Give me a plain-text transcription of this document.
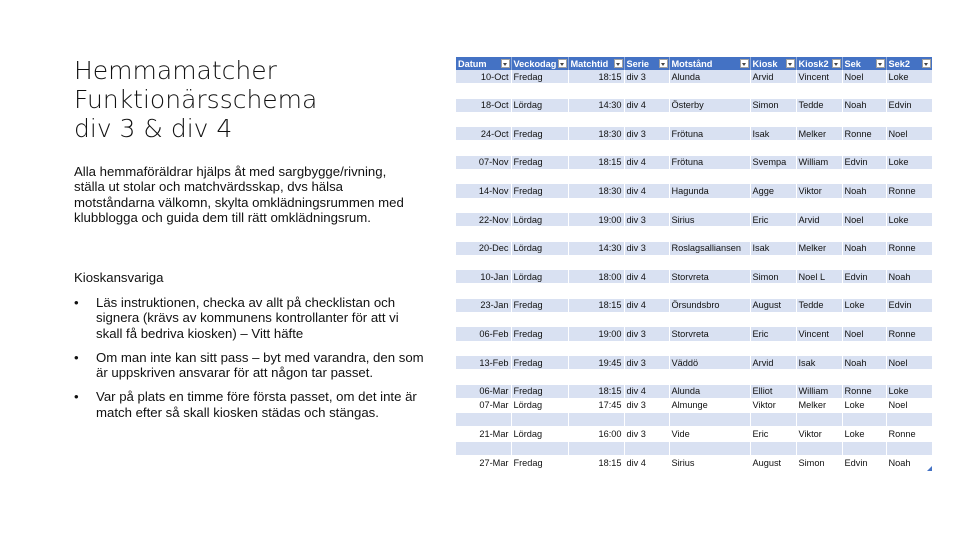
Hemmamatcher
Funktionärsschema
div 3 & div 4

Alla hemmaföräldrar hjälps åt med sargbygge/rivning, ställa ut stolar och matchvärdsskap, dvs hälsa motståndarna välkomn, skylta omklädningsrummen med klubblogga och guida dem till rätt omklädningsrum.

Kioskansvariga

•	Läs instruktionen, checka av allt på checklistan och signera (krävs av kommunens kontrollanter för att vi skall få bedriva kiosken) – Vitt häfte
•	Om man inte kan sitt pass – byt med varandra, den som är uppskriven ansvarar för att någon tar passet.
•	Var på plats en timme före första passet, om det inte är match efter så skall kiosken städas och stängas.
Datum	Veckodag	Matchtid	Serie	Motstånd	Kiosk	Kiosk2	Sek	Sek2

10-Oct	Fredag	18:15	div 3	Alunda	Arvid	Vincent	Noel	Loke

18-Oct	Lördag	14:30	div 4	Österby	Simon	Tedde	Noah	Edvin

24-Oct	Fredag	18:30	div 3	Frötuna	Isak	Melker	Ronne	Noel

07-Nov	Fredag	18:15	div 4	Frötuna	Svempa	William	Edvin	Loke

14-Nov	Fredag	18:30	div 4	Hagunda	Agge	Viktor	Noah	Ronne

22-Nov	Lördag	19:00	div 3	Sirius	Eric	Arvid	Noel	Loke

20-Dec	Lördag	14:30	div 3	Roslagsalliansen	Isak	Melker	Noah	Ronne

10-Jan	Lördag	18:00	div 4	Storvreta	Simon	Noel L	Edvin	Noah

23-Jan	Fredag	18:15	div 4	Örsundsbro	August	Tedde	Loke	Edvin

06-Feb	Fredag	19:00	div 3	Storvreta	Eric	Vincent	Noel	Ronne

13-Feb	Fredag	19:45	div 3	Väddö	Arvid	Isak	Noah	Noel

06-Mar	Fredag	18:15	div 4	Alunda	Elliot	William	Ronne	Loke
07-Mar	Lördag	17:45	div 3	Almunge	Viktor	Melker	Loke	Noel

21-Mar	Lördag	16:00	div 3	Vide	Eric	Viktor	Loke	Ronne

27-Mar	Fredag	18:15	div 4	Sirius	August	Simon	Edvin	Noah
